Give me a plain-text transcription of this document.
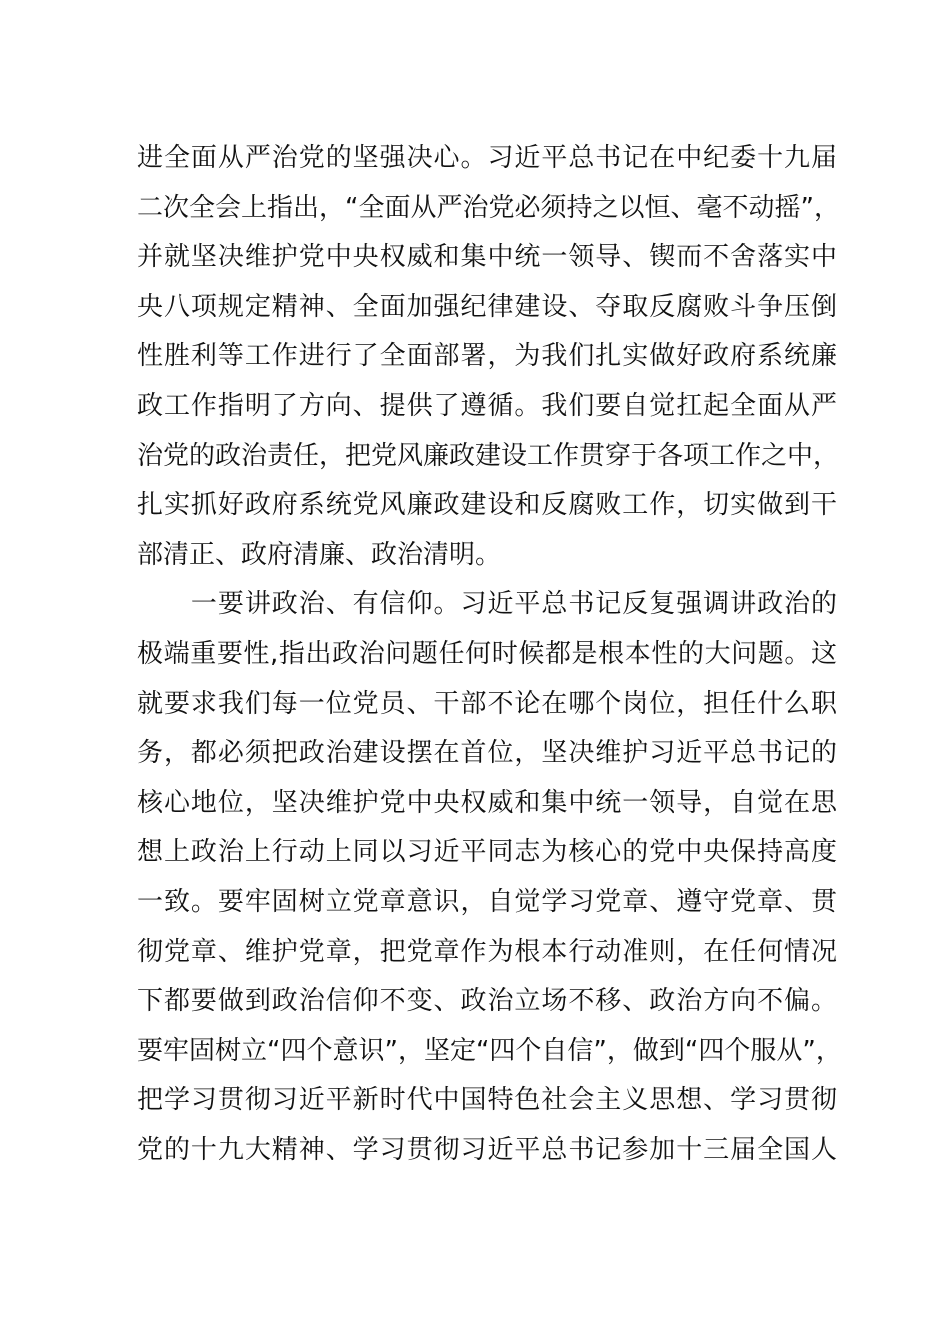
进全面从严治党的坚强决心。习近平总书记在中纪委十九届
二次全会上指出，“全面从严治党必须持之以恒、毫不动摇”，
并就坚决维护党中央权威和集中统一领导、锲而不舍落实中
央八项规定精神、全面加强纪律建设、夺取反腐败斗争压倒
性胜利等工作进行了全面部署，为我们扎实做好政府系统廉
政工作指明了方向、提供了遵循。我们要自觉扛起全面从严
治党的政治责任，把党风廉政建设工作贯穿于各项工作之中，
扎实抓好政府系统党风廉政建设和反腐败工作，切实做到干
部清正、政府清廉、政治清明。
　　一要讲政治、有信仰。习近平总书记反复强调讲政治的
极端重要性,指出政治问题任何时候都是根本性的大问题。这
就要求我们每一位党员、干部不论在哪个岗位，担任什么职
务，都必须把政治建设摆在首位，坚决维护习近平总书记的
核心地位，坚决维护党中央权威和集中统一领导，自觉在思
想上政治上行动上同以习近平同志为核心的党中央保持高度
一致。要牢固树立党章意识，自觉学习党章、遵守党章、贯
彻党章、维护党章，把党章作为根本行动准则，在任何情况
下都要做到政治信仰不变、政治立场不移、政治方向不偏。
要牢固树立“四个意识”，坚定“四个自信”，做到“四个服从”，
把学习贯彻习近平新时代中国特色社会主义思想、学习贯彻
党的十九大精神、学习贯彻习近平总书记参加十三届全国人
